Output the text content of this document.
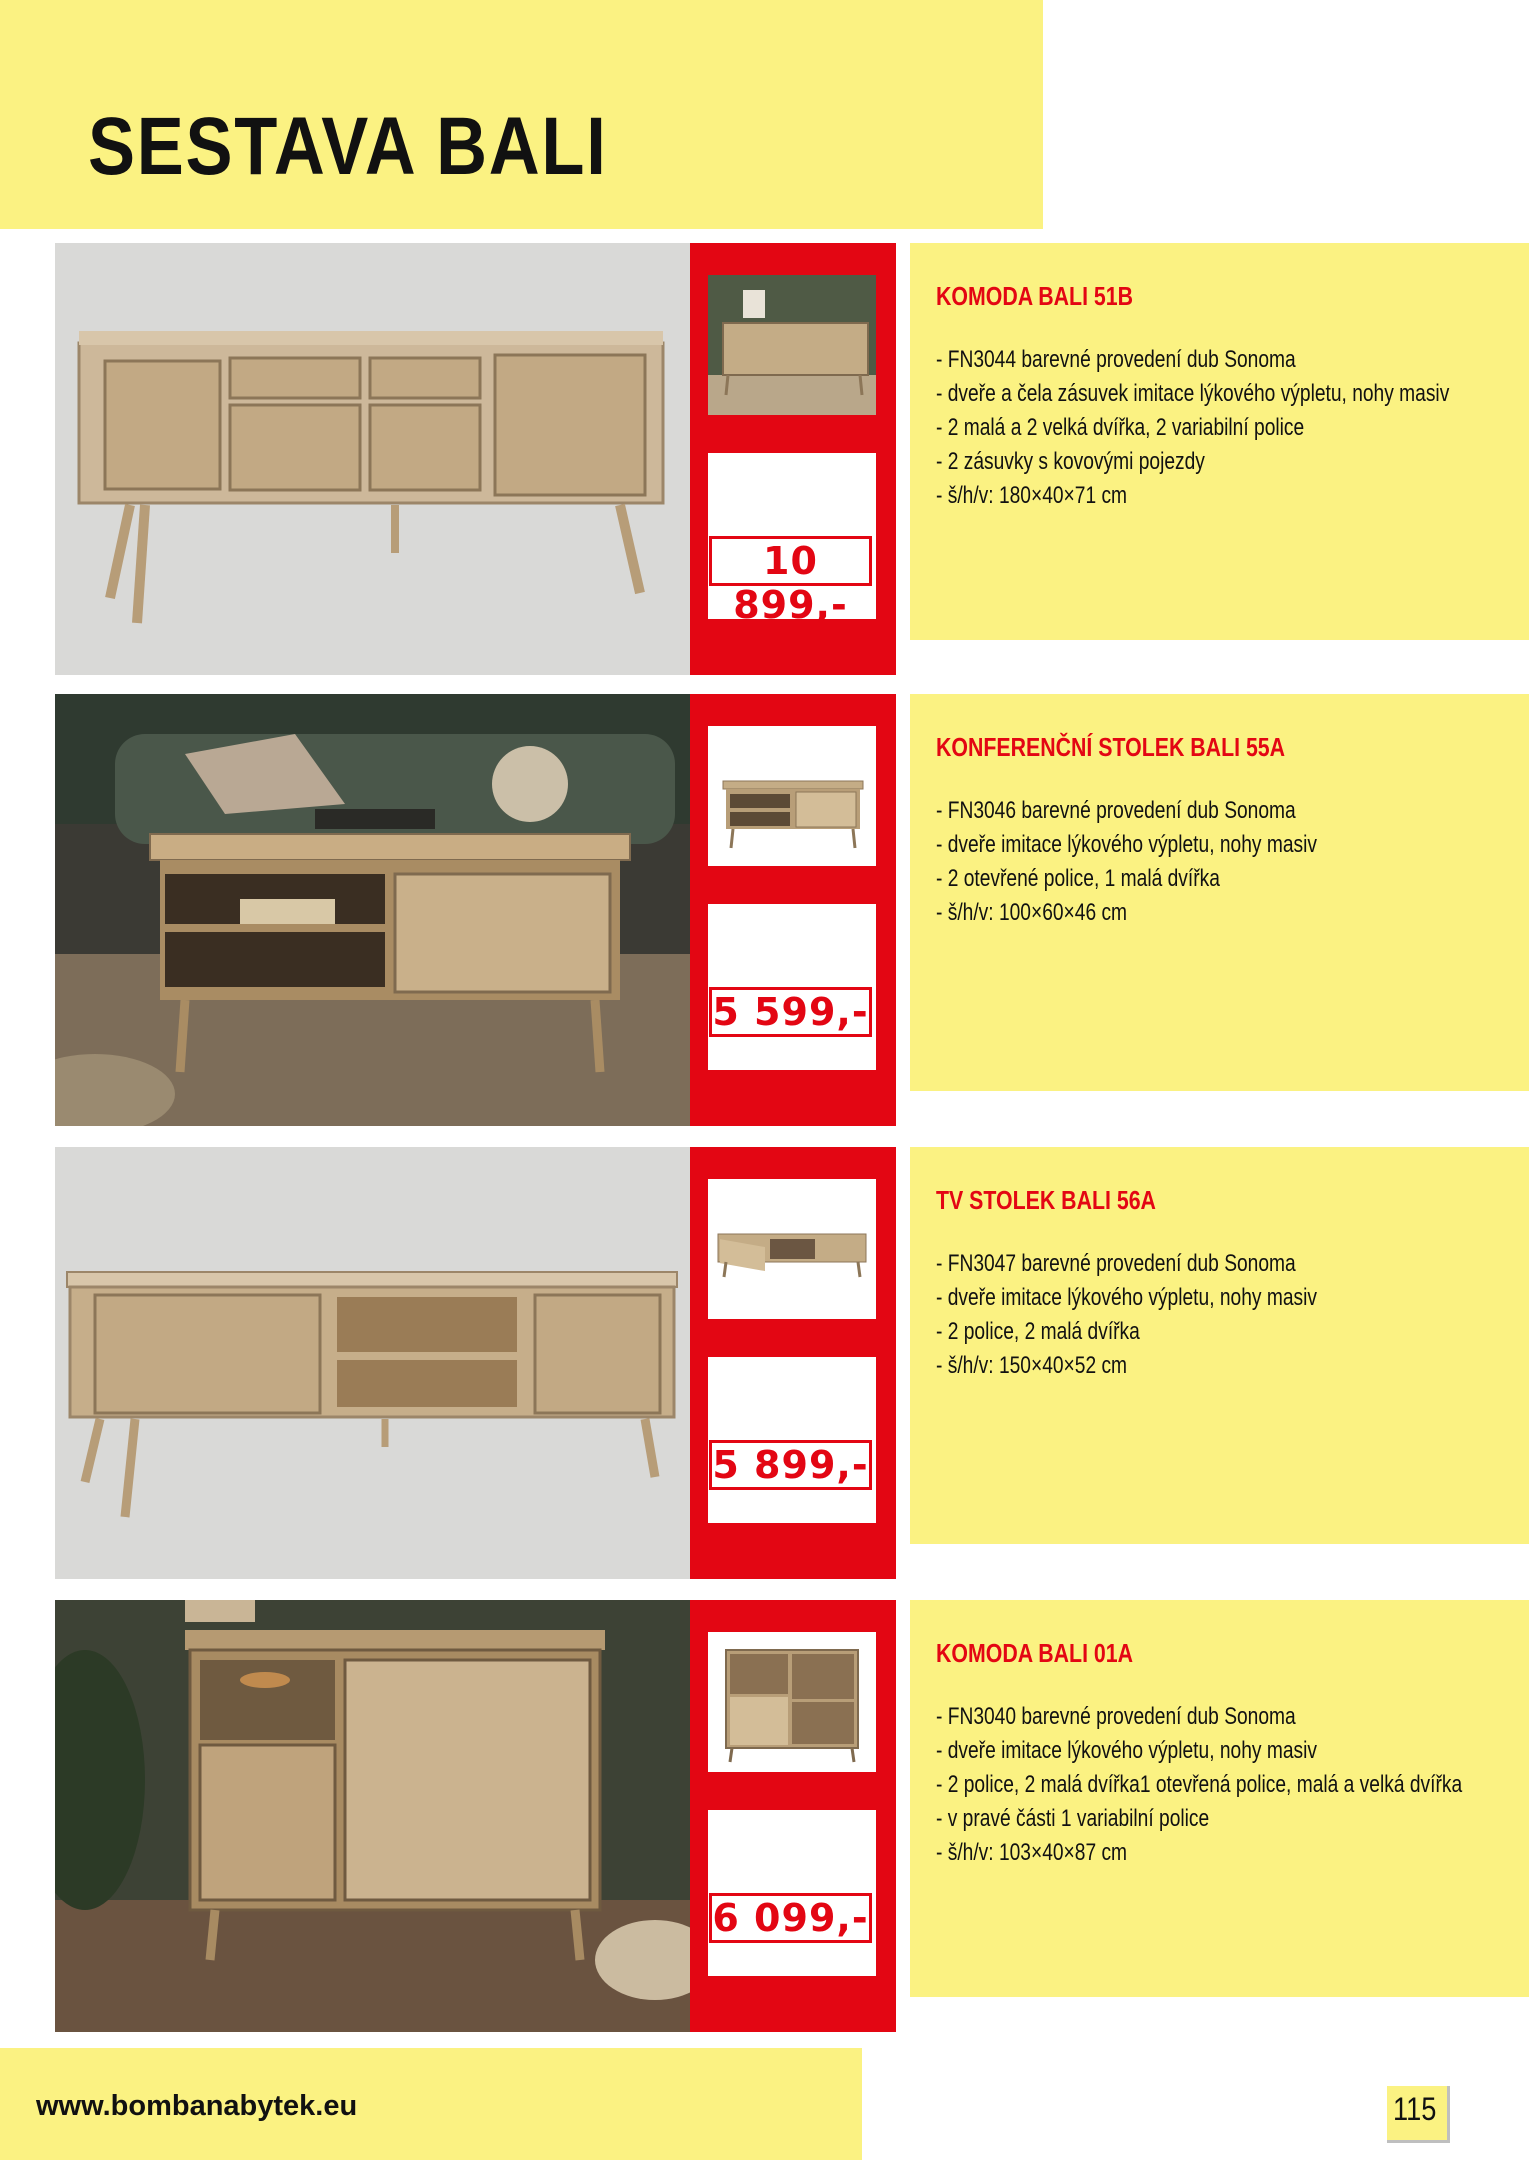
SESTAVA BALI
10 899,-
KOMODA BALI 51B
- FN3044 barevné provedení dub Sonoma
- dveře a čela zásuvek imitace lýkového výpletu, nohy masiv
- 2 malá a 2 velká dvířka, 2 variabilní police
- 2 zásuvky s kovovými pojezdy
- š/h/v: 180×40×71 cm
5 599,-
KONFERENČNÍ STOLEK BALI 55A
- FN3046 barevné provedení dub Sonoma
- dveře imitace lýkového výpletu, nohy masiv
- 2 otevřené police, 1 malá dvířka
- š/h/v: 100×60×46 cm
5 899,-
TV STOLEK BALI 56A
- FN3047 barevné provedení dub Sonoma
- dveře imitace lýkového výpletu, nohy masiv
- 2 police, 2 malá dvířka
- š/h/v: 150×40×52 cm
6 099,-
KOMODA BALI 01A
- FN3040 barevné provedení dub Sonoma
- dveře imitace lýkového výpletu, nohy masiv
- 2 police, 2 malá dvířka1 otevřená police, malá a velká dvířka
- v pravé části 1 variabilní police
- š/h/v: 103×40×87 cm

www.bombanabytek.eu	115
